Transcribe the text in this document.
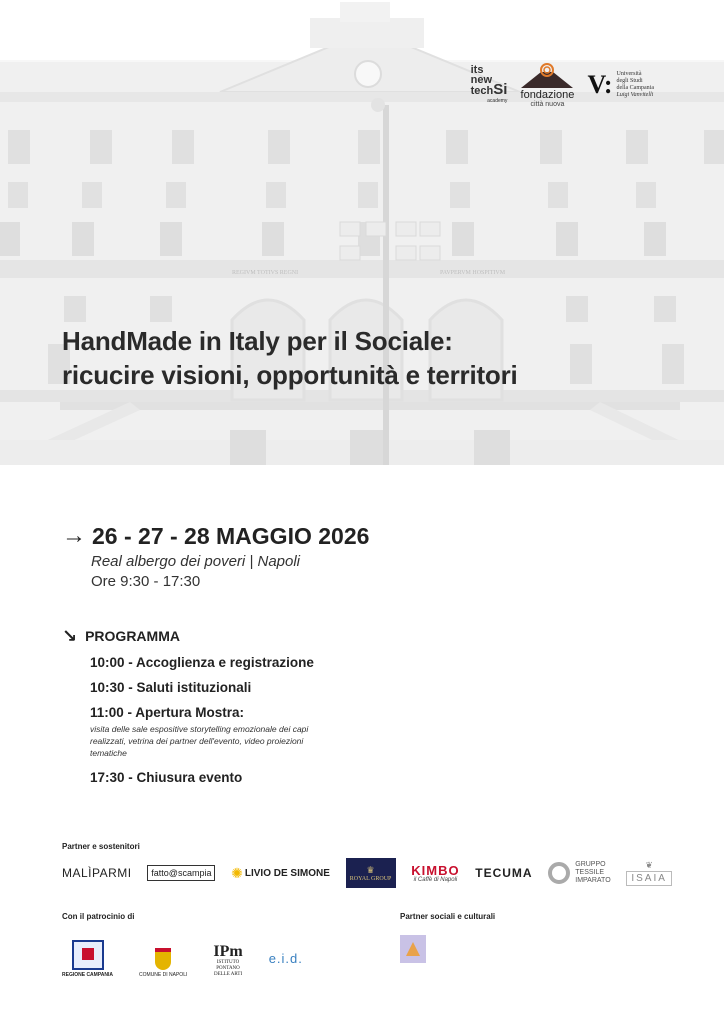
REGIVM TOTIVS REGNI	PAVPERVM HOSPITIVM
its
new
techSi
academy fondazione
città nuova
V: Università
degli Studi
della Campania
Luigi Vanvitelli
HandMade in Italy per il Sociale:
ricucire visioni, opportunità e territori
→ 26 - 27 - 28 MAGGIO 2026
Real albergo dei poveri | Napoli
Ore 9:30 - 17:30
↘ PROGRAMMA
10:00 - Accoglienza e registrazione
10:30 - Saluti istituzionali
11:00 - Apertura Mostra:
visita delle sale espositive storytelling emozionale dei capi realizzati, vetrina dei partner dell'evento, video proiezioni tematiche
17:30 - Chiusura evento
Partner e sostenitori
MALÌPARMI	fatto@scampia ✺ LIVIO DE SIMONE	♛
ROYAL GROUP
KIMBO
il Caffè di Napoli TECUMA
GRUPPO
TESSILE
IMPARATO
❦
ISAIA
Con il patrocinio di	Partner sociali e culturali
REGIONE CAMPANIA	COMUNE DI NAPOLI
IPm
ISTITUTO
PONTANO
DELLE ARTI
e.i.d.
